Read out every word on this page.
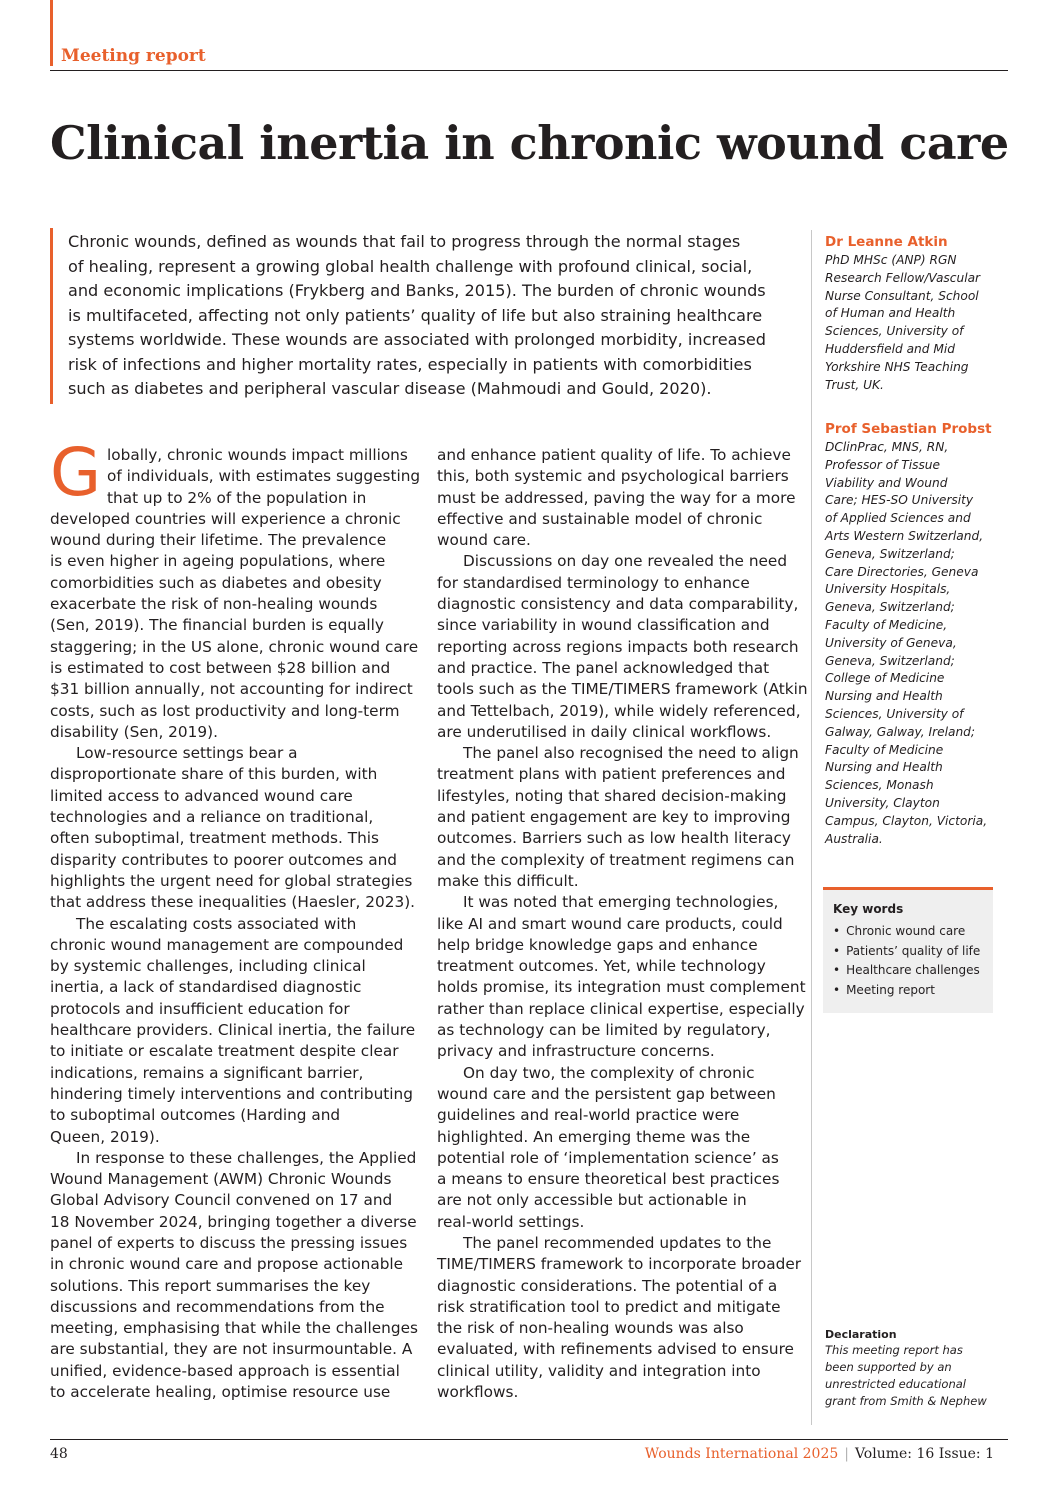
Meeting report
Clinical inertia in chronic wound care
Chronic wounds, defined as wounds that fail to progress through the normal stages
of healing, represent a growing global health challenge with profound clinical, social,
and economic implications (Frykberg and Banks, 2015). The burden of chronic wounds
is multifaceted, affecting not only patients’ quality of life but also straining healthcare
systems worldwide. These wounds are associated with prolonged morbidity, increased
risk of infections and higher mortality rates, especially in patients with comorbidities
such as diabetes and peripheral vascular disease (Mahmoudi and Gould, 2020).
Dr Leanne Atkin
PhD MHSc (ANP) RGN
Research Fellow/Vascular
Nurse Consultant, School
of Human and Health
Sciences, University of
Huddersfield and Mid
Yorkshire NHS Teaching
Trust, UK.
Prof Sebastian Probst
DClinPrac, MNS, RN,
Professor of Tissue
Viability and Wound
Care; HES-SO University
of Applied Sciences and
Arts Western Switzerland,
Geneva, Switzerland;
Care Directories, Geneva
University Hospitals,
Geneva, Switzerland;
Faculty of Medicine,
University of Geneva,
Geneva, Switzerland;
College of Medicine
Nursing and Health
Sciences, University of
Galway, Galway, Ireland;
Faculty of Medicine
Nursing and Health
Sciences, Monash
University, Clayton
Campus, Clayton, Victoria,
Australia.
Key words
• Chronic wound care
• Patients’ quality of life
• Healthcare challenges
• Meeting report
Declaration
This meeting report has
been supported by an
unrestricted educational
grant from Smith & Nephew
G lobally, chronic wounds impact millions
of individuals, with estimates suggesting
that up to 2% of the population in
developed countries will experience a chronic
wound during their lifetime. The prevalence
is even higher in ageing populations, where
comorbidities such as diabetes and obesity
exacerbate the risk of non-healing wounds
(Sen, 2019). The financial burden is equally
staggering; in the US alone, chronic wound care
is estimated to cost between $28 billion and
$31 billion annually, not accounting for indirect
costs, such as lost productivity and long-term
disability (Sen, 2019).
Low-resource settings bear a
disproportionate share of this burden, with
limited access to advanced wound care
technologies and a reliance on traditional,
often suboptimal, treatment methods. This
disparity contributes to poorer outcomes and
highlights the urgent need for global strategies
that address these inequalities (Haesler, 2023).
The escalating costs associated with
chronic wound management are compounded
by systemic challenges, including clinical
inertia, a lack of standardised diagnostic
protocols and insufficient education for
healthcare providers. Clinical inertia, the failure
to initiate or escalate treatment despite clear
indications, remains a significant barrier,
hindering timely interventions and contributing
to suboptimal outcomes (Harding and
Queen, 2019).
In response to these challenges, the Applied
Wound Management (AWM) Chronic Wounds
Global Advisory Council convened on 17 and
18 November 2024, bringing together a diverse
panel of experts to discuss the pressing issues
in chronic wound care and propose actionable
solutions. This report summarises the key
discussions and recommendations from the
meeting, emphasising that while the challenges
are substantial, they are not insurmountable. A
unified, evidence-based approach is essential
to accelerate healing, optimise resource use
and enhance patient quality of life. To achieve
this, both systemic and psychological barriers
must be addressed, paving the way for a more
effective and sustainable model of chronic
wound care.
Discussions on day one revealed the need
for standardised terminology to enhance
diagnostic consistency and data comparability,
since variability in wound classification and
reporting across regions impacts both research
and practice. The panel acknowledged that
tools such as the TIME/TIMERS framework (Atkin
and Tettelbach, 2019), while widely referenced,
are underutilised in daily clinical workflows.
The panel also recognised the need to align
treatment plans with patient preferences and
lifestyles, noting that shared decision-making
and patient engagement are key to improving
outcomes. Barriers such as low health literacy
and the complexity of treatment regimens can
make this difficult.
It was noted that emerging technologies,
like AI and smart wound care products, could
help bridge knowledge gaps and enhance
treatment outcomes. Yet, while technology
holds promise, its integration must complement
rather than replace clinical expertise, especially
as technology can be limited by regulatory,
privacy and infrastructure concerns.
On day two, the complexity of chronic
wound care and the persistent gap between
guidelines and real-world practice were
highlighted. An emerging theme was the
potential role of ‘implementation science’ as
a means to ensure theoretical best practices
are not only accessible but actionable in
real-world settings.
The panel recommended updates to the
TIME/TIMERS framework to incorporate broader
diagnostic considerations. The potential of a
risk stratification tool to predict and mitigate
the risk of non-healing wounds was also
evaluated, with refinements advised to ensure
clinical utility, validity and integration into
workflows.
48	Wounds International 2025 | Volume: 16 Issue: 1
